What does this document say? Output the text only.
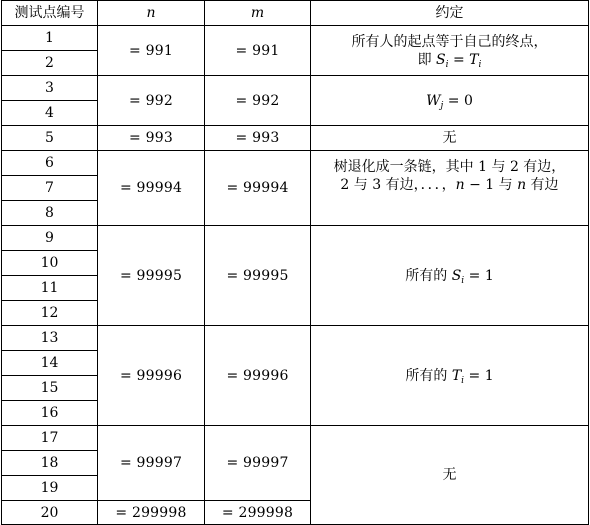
测试点编号	n	m	约定
1	= 991	= 991	所有人的起点等于自己的终点，
即 $S_i = T_i$

2			
3	= 992	= 992	$W_j = 0$
4			
5	= 993	= 993	无
6	= 99994	= 99994	树退化成一条链，其中 1 与 2 有边，
2 与 3 有边，．．．，n − 1 与 n 有边

7			
8			
9	= 99995	= 99995	所有的 $S_i = 1$
10			
11			
12			
13	= 99996	= 99996	所有的 $T_i = 1$
14			
15			
16			
17	= 99997	= 99997	无
18			
19			
20	= 299998	= 299998	
